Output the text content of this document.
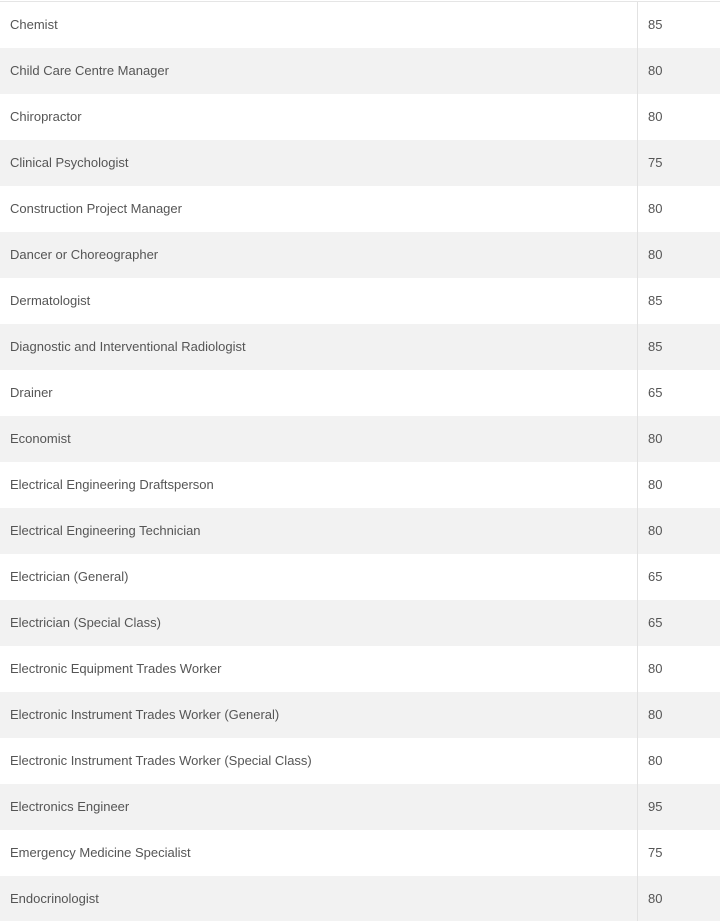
Chemist	85
Child Care Centre Manager	80
Chiropractor	80
Clinical Psychologist	75
Construction Project Manager	80
Dancer or Choreographer	80
Dermatologist	85
Diagnostic and Interventional Radiologist	85
Drainer	65
Economist	80
Electrical Engineering Draftsperson	80
Electrical Engineering Technician	80
Electrician (General)	65
Electrician (Special Class)	65
Electronic Equipment Trades Worker	80
Electronic Instrument Trades Worker (General)	80
Electronic Instrument Trades Worker (Special Class)	80
Electronics Engineer	95
Emergency Medicine Specialist	75
Endocrinologist	80
